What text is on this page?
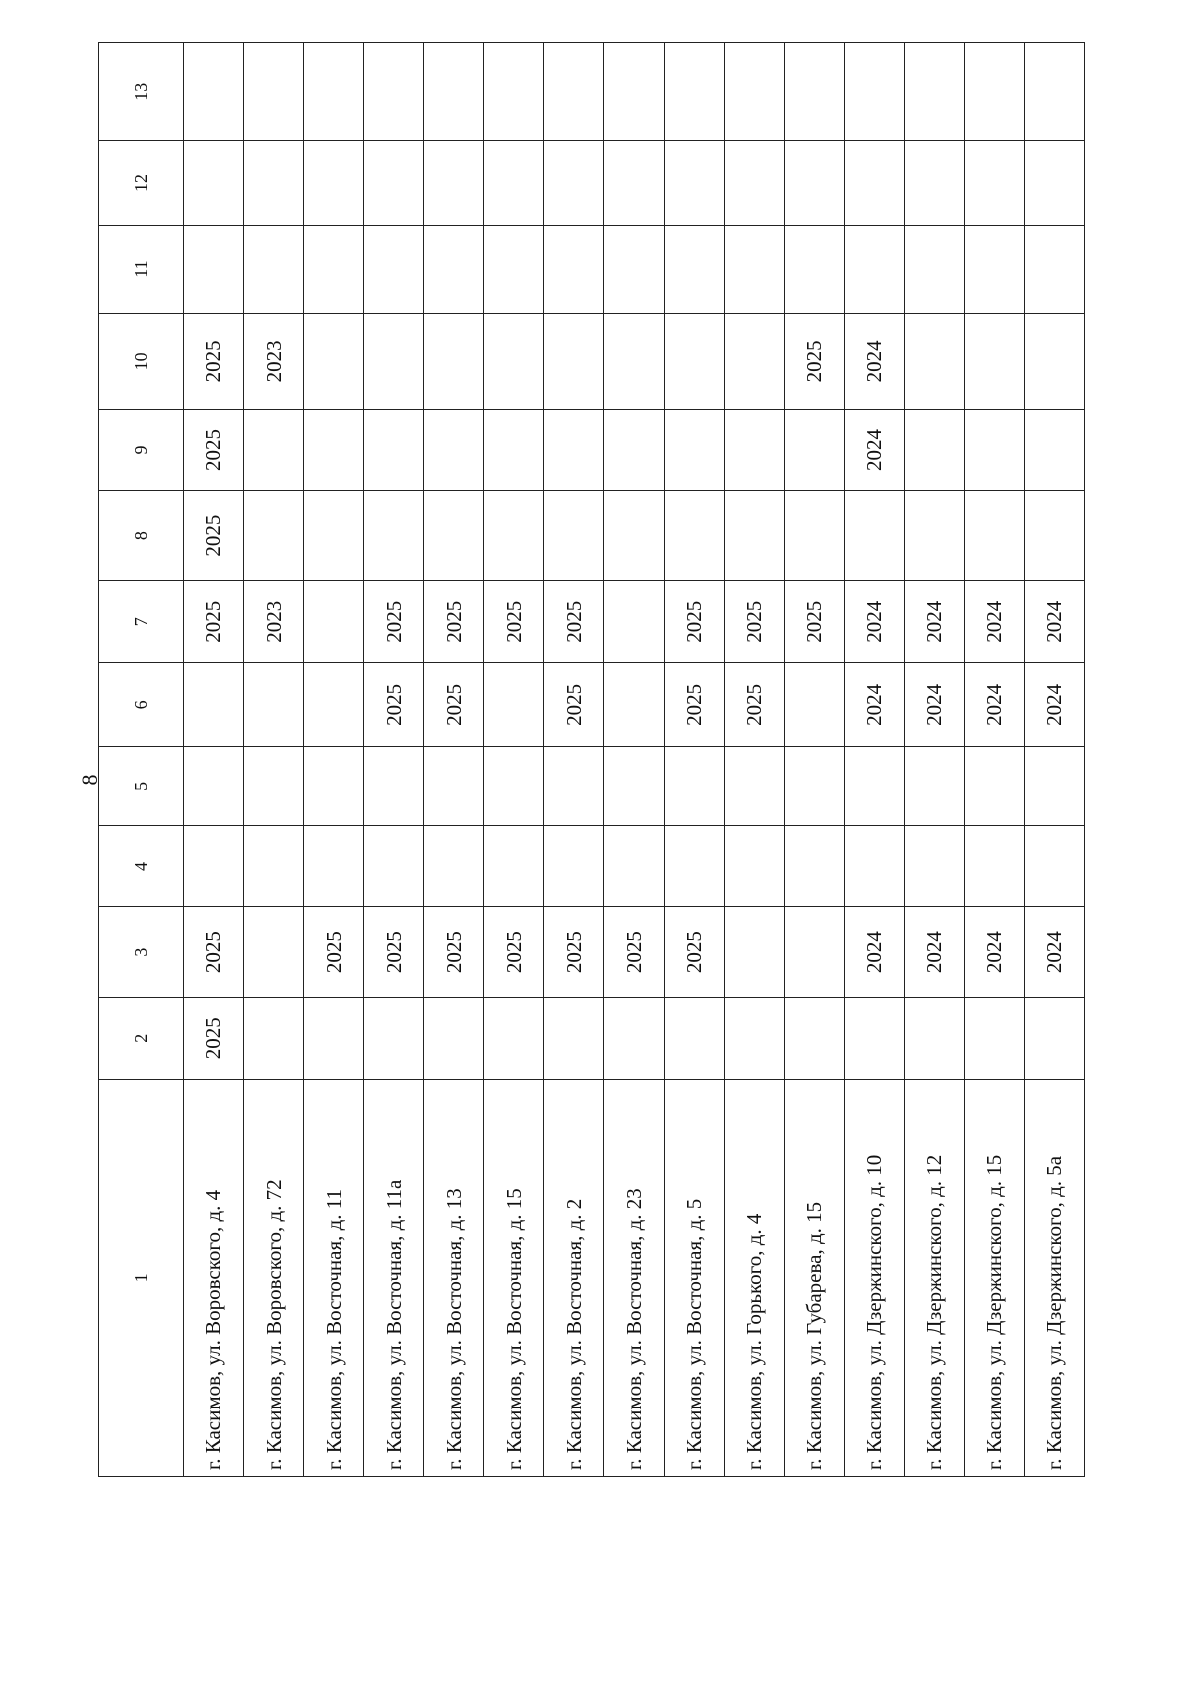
8
1	2	3	4	5	6	7	8	9	10	11	12	13
г. Касимов, ул. Воровского, д. 4	2025	2025				2025	2025	2025	2025			
г. Касимов, ул. Воровского, д. 72						2023			2023			
г. Касимов, ул. Восточная, д. 11		2025										
г. Касимов, ул. Восточная, д. 11а		2025			2025	2025						
г. Касимов, ул. Восточная, д. 13		2025			2025	2025						
г. Касимов, ул. Восточная, д. 15		2025				2025						
г. Касимов, ул. Восточная, д. 2		2025			2025	2025						
г. Касимов, ул. Восточная, д. 23		2025										
г. Касимов, ул. Восточная, д. 5		2025			2025	2025						
г. Касимов, ул. Горького, д. 4					2025	2025						
г. Касимов, ул. Губарева, д. 15						2025			2025			
г. Касимов, ул. Дзержинского, д. 10		2024			2024	2024		2024	2024			
г. Касимов, ул. Дзержинского, д. 12		2024			2024	2024						
г. Касимов, ул. Дзержинского, д. 15		2024			2024	2024						
г. Касимов, ул. Дзержинского, д. 5а		2024			2024	2024						
